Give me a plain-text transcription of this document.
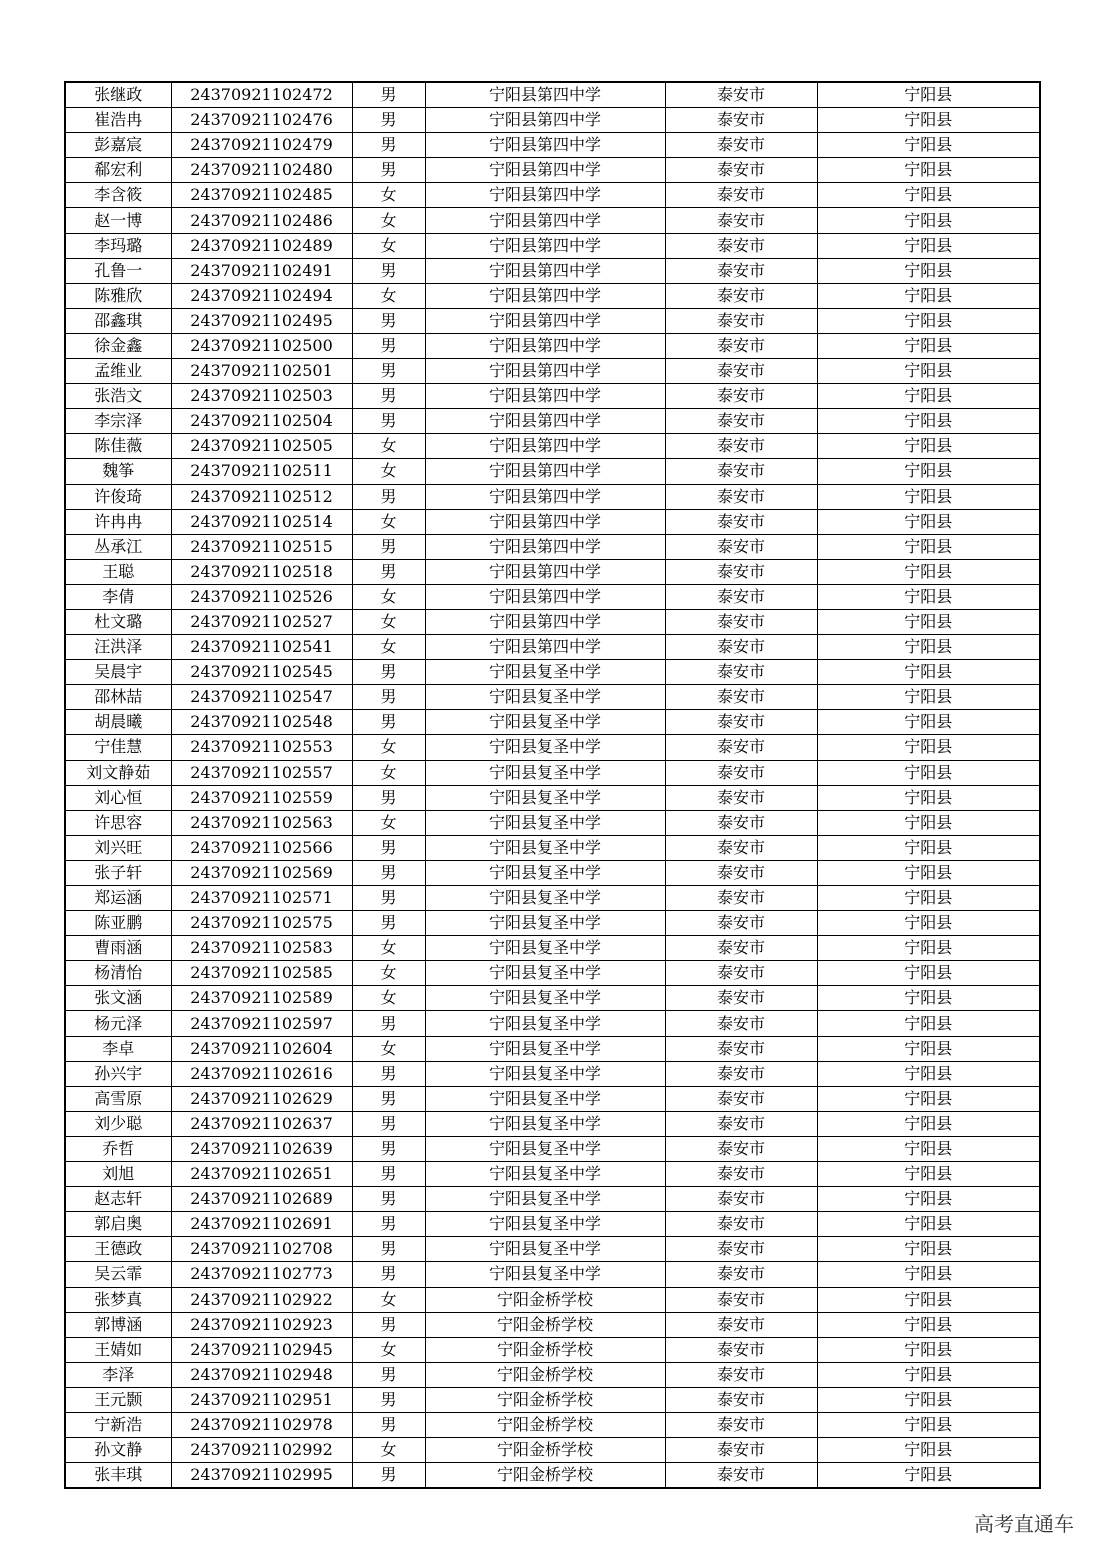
张继政	24370921102472	男	宁阳县第四中学	泰安市	宁阳县
崔浩冉	24370921102476	男	宁阳县第四中学	泰安市	宁阳县
彭嘉宸	24370921102479	男	宁阳县第四中学	泰安市	宁阳县
郗宏利	24370921102480	男	宁阳县第四中学	泰安市	宁阳县
李含筱	24370921102485	女	宁阳县第四中学	泰安市	宁阳县
赵一博	24370921102486	女	宁阳县第四中学	泰安市	宁阳县
李玛璐	24370921102489	女	宁阳县第四中学	泰安市	宁阳县
孔鲁一	24370921102491	男	宁阳县第四中学	泰安市	宁阳县
陈雅欣	24370921102494	女	宁阳县第四中学	泰安市	宁阳县
邵鑫琪	24370921102495	男	宁阳县第四中学	泰安市	宁阳县
徐金鑫	24370921102500	男	宁阳县第四中学	泰安市	宁阳县
孟维业	24370921102501	男	宁阳县第四中学	泰安市	宁阳县
张浩文	24370921102503	男	宁阳县第四中学	泰安市	宁阳县
李宗泽	24370921102504	男	宁阳县第四中学	泰安市	宁阳县
陈佳薇	24370921102505	女	宁阳县第四中学	泰安市	宁阳县
魏筝	24370921102511	女	宁阳县第四中学	泰安市	宁阳县
许俊琦	24370921102512	男	宁阳县第四中学	泰安市	宁阳县
许冉冉	24370921102514	女	宁阳县第四中学	泰安市	宁阳县
丛承江	24370921102515	男	宁阳县第四中学	泰安市	宁阳县
王聪	24370921102518	男	宁阳县第四中学	泰安市	宁阳县
李倩	24370921102526	女	宁阳县第四中学	泰安市	宁阳县
杜文璐	24370921102527	女	宁阳县第四中学	泰安市	宁阳县
汪洪泽	24370921102541	女	宁阳县第四中学	泰安市	宁阳县
吴晨宇	24370921102545	男	宁阳县复圣中学	泰安市	宁阳县
邵林喆	24370921102547	男	宁阳县复圣中学	泰安市	宁阳县
胡晨曦	24370921102548	男	宁阳县复圣中学	泰安市	宁阳县
宁佳慧	24370921102553	女	宁阳县复圣中学	泰安市	宁阳县
刘文静茹	24370921102557	女	宁阳县复圣中学	泰安市	宁阳县
刘心恒	24370921102559	男	宁阳县复圣中学	泰安市	宁阳县
许思容	24370921102563	女	宁阳县复圣中学	泰安市	宁阳县
刘兴旺	24370921102566	男	宁阳县复圣中学	泰安市	宁阳县
张子轩	24370921102569	男	宁阳县复圣中学	泰安市	宁阳县
郑运涵	24370921102571	男	宁阳县复圣中学	泰安市	宁阳县
陈亚鹏	24370921102575	男	宁阳县复圣中学	泰安市	宁阳县
曹雨涵	24370921102583	女	宁阳县复圣中学	泰安市	宁阳县
杨清怡	24370921102585	女	宁阳县复圣中学	泰安市	宁阳县
张文涵	24370921102589	女	宁阳县复圣中学	泰安市	宁阳县
杨元泽	24370921102597	男	宁阳县复圣中学	泰安市	宁阳县
李卓	24370921102604	女	宁阳县复圣中学	泰安市	宁阳县
孙兴宇	24370921102616	男	宁阳县复圣中学	泰安市	宁阳县
高雪原	24370921102629	男	宁阳县复圣中学	泰安市	宁阳县
刘少聪	24370921102637	男	宁阳县复圣中学	泰安市	宁阳县
乔哲	24370921102639	男	宁阳县复圣中学	泰安市	宁阳县
刘旭	24370921102651	男	宁阳县复圣中学	泰安市	宁阳县
赵志轩	24370921102689	男	宁阳县复圣中学	泰安市	宁阳县
郭启奥	24370921102691	男	宁阳县复圣中学	泰安市	宁阳县
王德政	24370921102708	男	宁阳县复圣中学	泰安市	宁阳县
吴云霏	24370921102773	男	宁阳县复圣中学	泰安市	宁阳县
张梦真	24370921102922	女	宁阳金桥学校	泰安市	宁阳县
郭博涵	24370921102923	男	宁阳金桥学校	泰安市	宁阳县
王婧如	24370921102945	女	宁阳金桥学校	泰安市	宁阳县
李泽	24370921102948	男	宁阳金桥学校	泰安市	宁阳县
王元颢	24370921102951	男	宁阳金桥学校	泰安市	宁阳县
宁新浩	24370921102978	男	宁阳金桥学校	泰安市	宁阳县
孙文静	24370921102992	女	宁阳金桥学校	泰安市	宁阳县
张丰琪	24370921102995	男	宁阳金桥学校	泰安市	宁阳县
高考直通车
